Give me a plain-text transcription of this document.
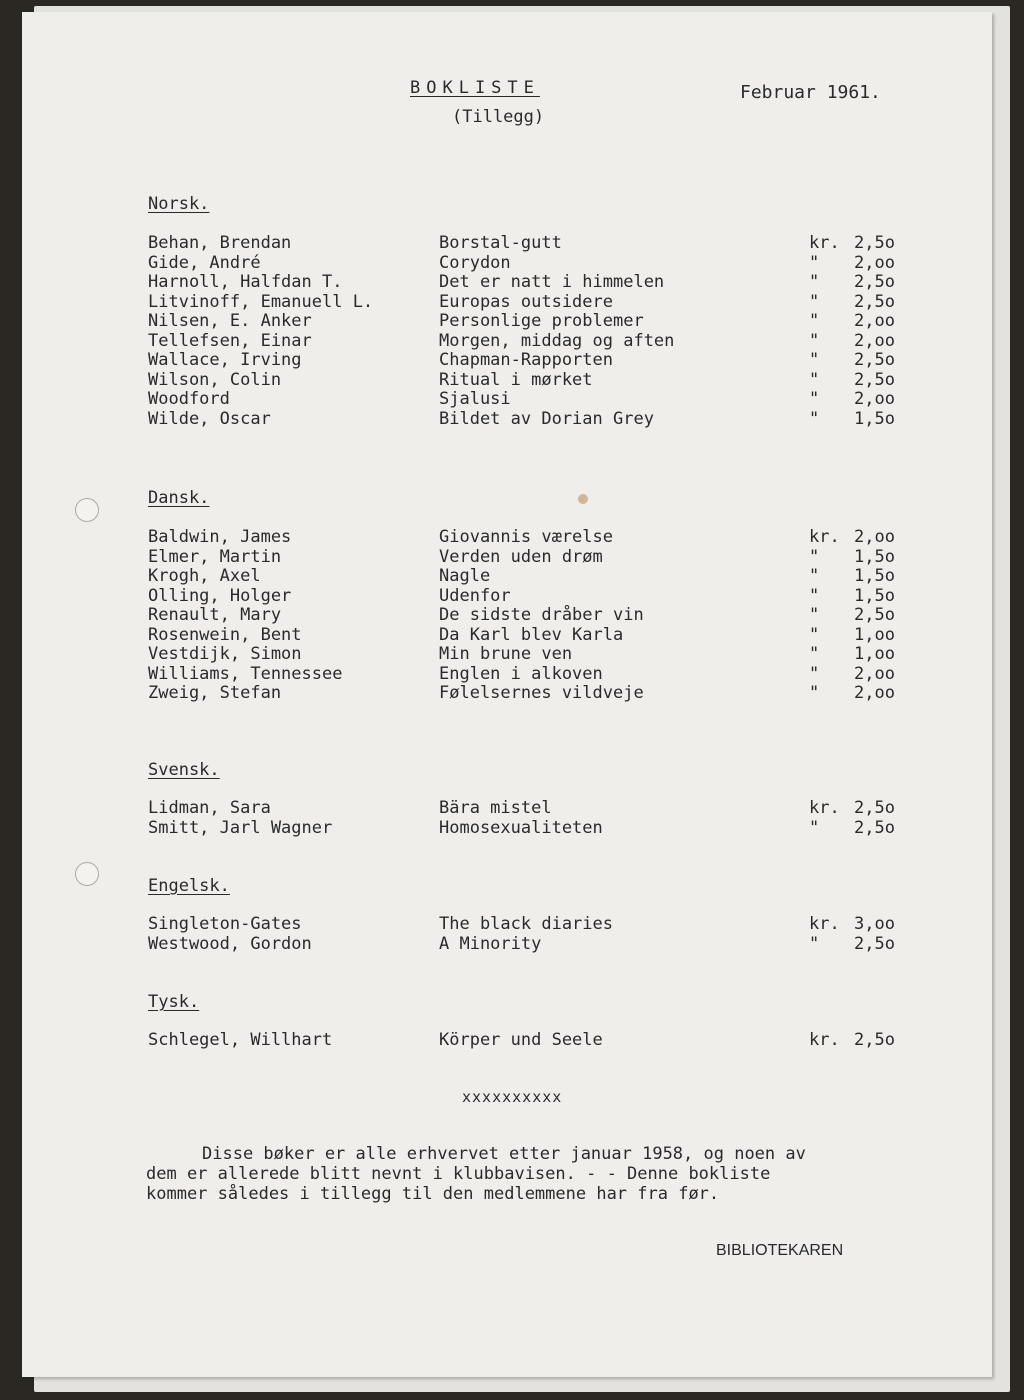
BOKLISTE
(Tillegg)
Februar 1961.
Norsk.
Behan, Brendan	Borstal-gutt	kr. 2,5o
Gide, André	Corydon	"	2,oo
Harnoll, Halfdan T.	Det er natt i himmelen	"	2,5o
Litvinoff, Emanuell L.	Europas outsidere	"	2,5o
Nilsen, E. Anker	Personlige problemer	"	2,oo
Tellefsen, Einar	Morgen, middag og aften	"	2,oo
Wallace, Irving	Chapman-Rapporten	"	2,5o
Wilson, Colin	Ritual i mørket	"	2,5o
Woodford	Sjalusi	"	2,oo
Wilde, Oscar	Bildet av Dorian Grey	"	1,5o
Dansk.
Baldwin, James	Giovannis værelse	kr. 2,oo
Elmer, Martin	Verden uden drøm	"	1,5o
Krogh, Axel	Nagle	"	1,5o
Olling, Holger	Udenfor	"	1,5o
Renault, Mary	De sidste dråber vin	"	2,5o
Rosenwein, Bent	Da Karl blev Karla	"	1,oo
Vestdijk, Simon	Min brune ven	"	1,oo
Williams, Tennessee	Englen i alkoven	"	2,oo
Zweig, Stefan	Følelsernes vildveje	"	2,oo
Svensk.
Lidman, Sara	Bära mistel	kr. 2,5o
Smitt, Jarl Wagner	Homosexualiteten	"	2,5o
Engelsk.
Singleton-Gates	The black diaries	kr. 3,oo
Westwood, Gordon	A Minority	"	2,5o
Tysk.
Schlegel, Willhart	Körper und Seele	kr. 2,5o
xxxxxxxxxx
Disse bøker er alle erhvervet etter januar 1958, og noen av
dem er allerede blitt nevnt i klubbavisen. - - Denne bokliste
kommer således i tillegg til den medlemmene har fra før.
BIBLIOTEKAREN
